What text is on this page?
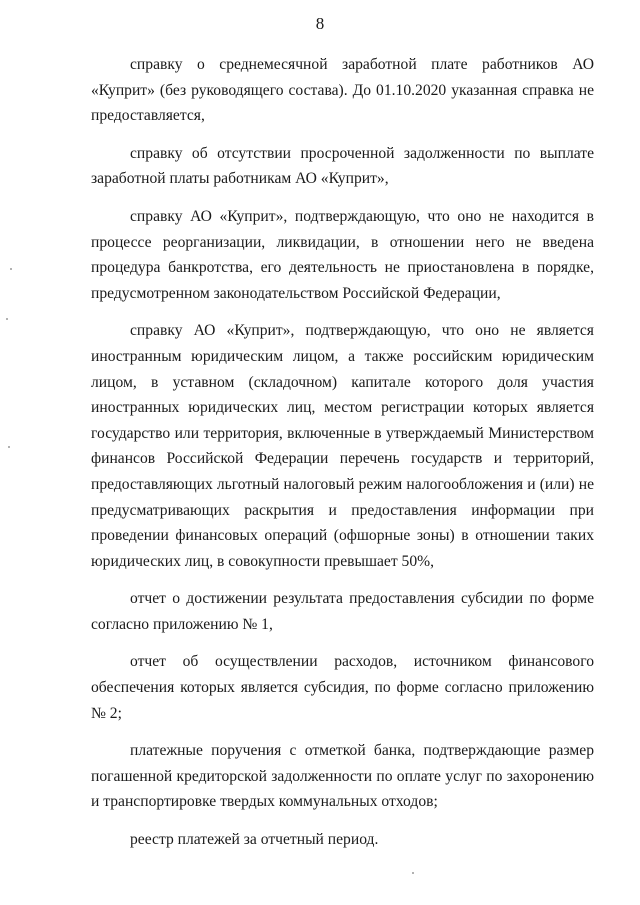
8

справку о среднемесячной заработной плате работников АО «Куприт» (без руководящего состава). До 01.10.2020 указанная справка не предоставляется,

справку об отсутствии просроченной задолженности по выплате заработной платы работникам АО «Куприт»,

справку АО «Куприт», подтверждающую, что оно не находится в процессе реорганизации, ликвидации, в отношении него не введена процедура банкротства, его деятельность не приостановлена в порядке, предусмотренном законодательством Российской Федерации,

справку АО «Куприт», подтверждающую, что оно не является иностранным юридическим лицом, а также российским юридическим лицом, в уставном (складочном) капитале которого доля участия иностранных юридических лиц, местом регистрации которых является государство или территория, включенные в утверждаемый Министерством финансов Российской Федерации перечень государств и территорий, предоставляющих льготный налоговый режим налогообложения и (или) не предусматривающих раскрытия и предоставления информации при проведении финансовых операций (офшорные зоны) в отношении таких юридических лиц, в совокупности превышает 50%,

отчет о достижении результата предоставления субсидии по форме согласно приложению № 1,

отчет об осуществлении расходов, источником финансового обеспечения которых является субсидия, по форме согласно приложению № 2;

платежные поручения с отметкой банка, подтверждающие размер погашенной кредиторской задолженности по оплате услуг по захоронению и транспортировке твердых коммунальных отходов;

реестр платежей за отчетный период.
